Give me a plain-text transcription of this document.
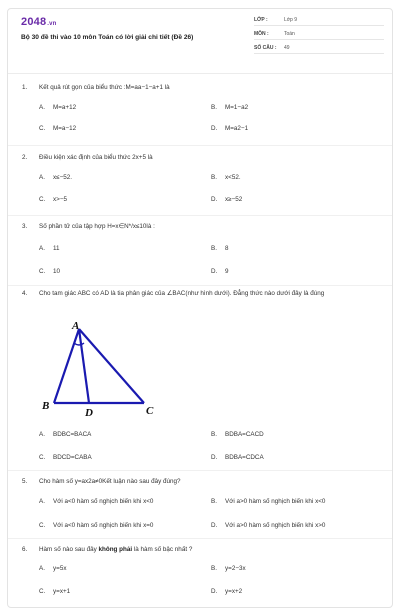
2048.vn
Bộ 30 đề thi vào 10 môn Toán có lời giải chi tiết (Đề 26)
LỚP :	Lớp 9
MÔN :	Toán
SỐ CÂU : 49
1. Kết quả rút gọn của biểu thức :M=aa−1−a+1 là
A. M=a+12	B. M=1−a2
C. M=a−12	D. M=a2−1
2. Điều kiện xác định của biểu thức 2x+5 là
A. x≤−52.	B. x<52.
C. x>−5	D. x≥−52
3. Số phần tử của tập hợp H=x∈N*/x≤10là :
A. 11	B. 8
C. 10	D. 9
4. Cho tam giác ABC có AD là tia phân giác của ∠BAC(như hình dưới). Đẳng thức nào dưới đây là đúng
A
B	C
D
A. BDBC=BACA	B. BDBA=CACD
C. BDCD=CABA	D. BDBA=CDCA
5. Cho hàm số y=ax2a≠0Kết luận nào sau đây đúng?
A. Với a<0 hàm số nghịch biến khi x<0	B. Với a>0 hàm số nghịch biến khi x<0
C. Với a<0 hàm số nghịch biến khi x=0	D. Với a>0 hàm số nghịch biến khi x>0
6. Hàm số nào sau đây không phải là hàm số bậc nhất ?
A. y=5x	B. y=2−3x
C. y=x+1	D. y=x+2
